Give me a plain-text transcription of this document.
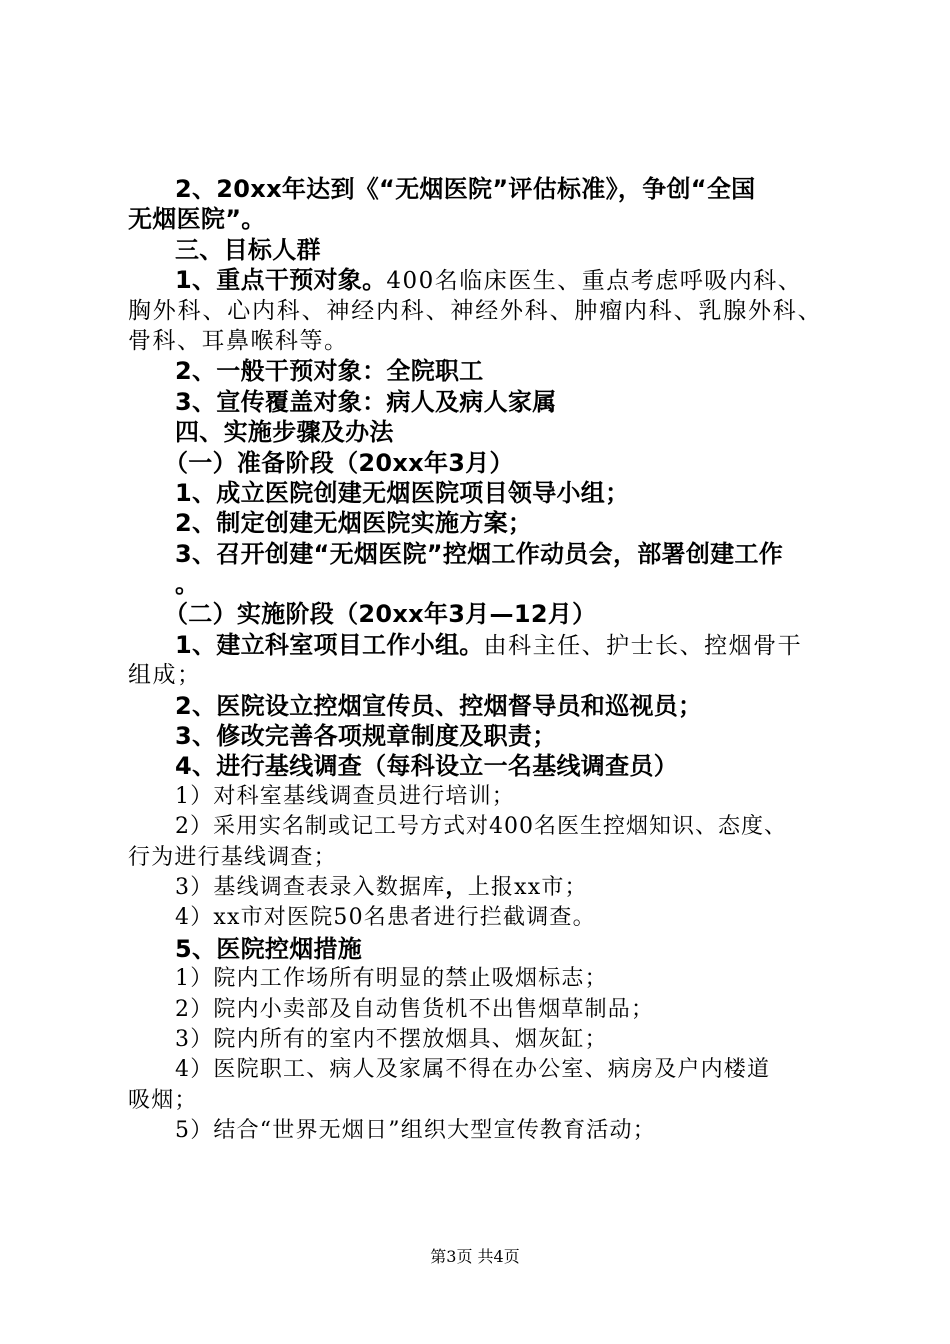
2、20xx年达到《“无烟医院”评估标准》，争创“全国
无烟医院”。
三、目标人群
1、重点干预对象。400名临床医生、重点考虑呼吸内科、
胸外科、心内科、神经内科、神经外科、肿瘤内科、乳腺外科、
骨科、耳鼻喉科等。
2、一般干预对象：全院职工
3、宣传覆盖对象：病人及病人家属
四、实施步骤及办法
（一）准备阶段（20xx年3月）
1、成立医院创建无烟医院项目领导小组；
2、制定创建无烟医院实施方案；
3、召开创建“无烟医院”控烟工作动员会，部署创建工作
。
（二）实施阶段（20xx年3月—12月）
1、建立科室项目工作小组。由科主任、护士长、控烟骨干
组成；
2、医院设立控烟宣传员、控烟督导员和巡视员；
3、修改完善各项规章制度及职责；
4、进行基线调查（每科设立一名基线调查员）
1）对科室基线调查员进行培训；
2）采用实名制或记工号方式对400名医生控烟知识、态度、
行为进行基线调查；
3）基线调查表录入数据库，上报xx市；
4）xx市对医院50名患者进行拦截调查。
5、医院控烟措施
1）院内工作场所有明显的禁止吸烟标志；
2）院内小卖部及自动售货机不出售烟草制品；
3）院内所有的室内不摆放烟具、烟灰缸；
4）医院职工、病人及家属不得在办公室、病房及户内楼道
吸烟；
5）结合“世界无烟日”组织大型宣传教育活动；
第3页 共4页
